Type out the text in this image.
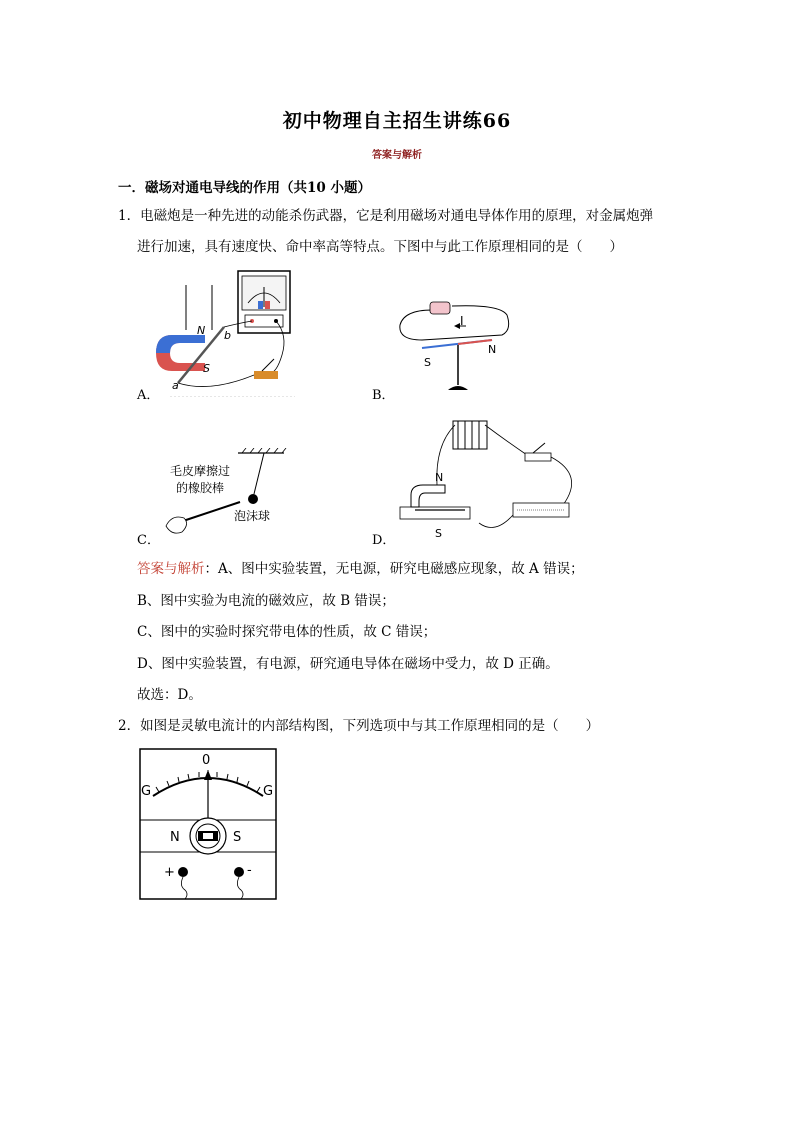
初中物理自主招生讲练66
答案与解析
一．磁场对通电导线的作用（共10 小题）
1．电磁炮是一种先进的动能杀伤武器，它是利用磁场对通电导体作用的原理，对金属炮弹
进行加速，具有速度快、命中率高等特点。下图中与此工作原理相同的是（　　）
N
S
a
b
A．
I
S
N
B．
毛皮摩擦过
的橡胶棒
泡沫球
C．
N
S
D．
答案与解析：A、图中实验装置，无电源，研究电磁感应现象，故 A 错误；
B、图中实验为电流的磁效应，故 B 错误；
C、图中的实验时探究带电体的性质，故 C 错误；
D、图中实验装置，有电源，研究通电导体在磁场中受力，故 D 正确。
故选：D。
2．如图是灵敏电流计的内部结构图，下列选项中与其工作原理相同的是（　　）
0
G	G
N	S
+	-
